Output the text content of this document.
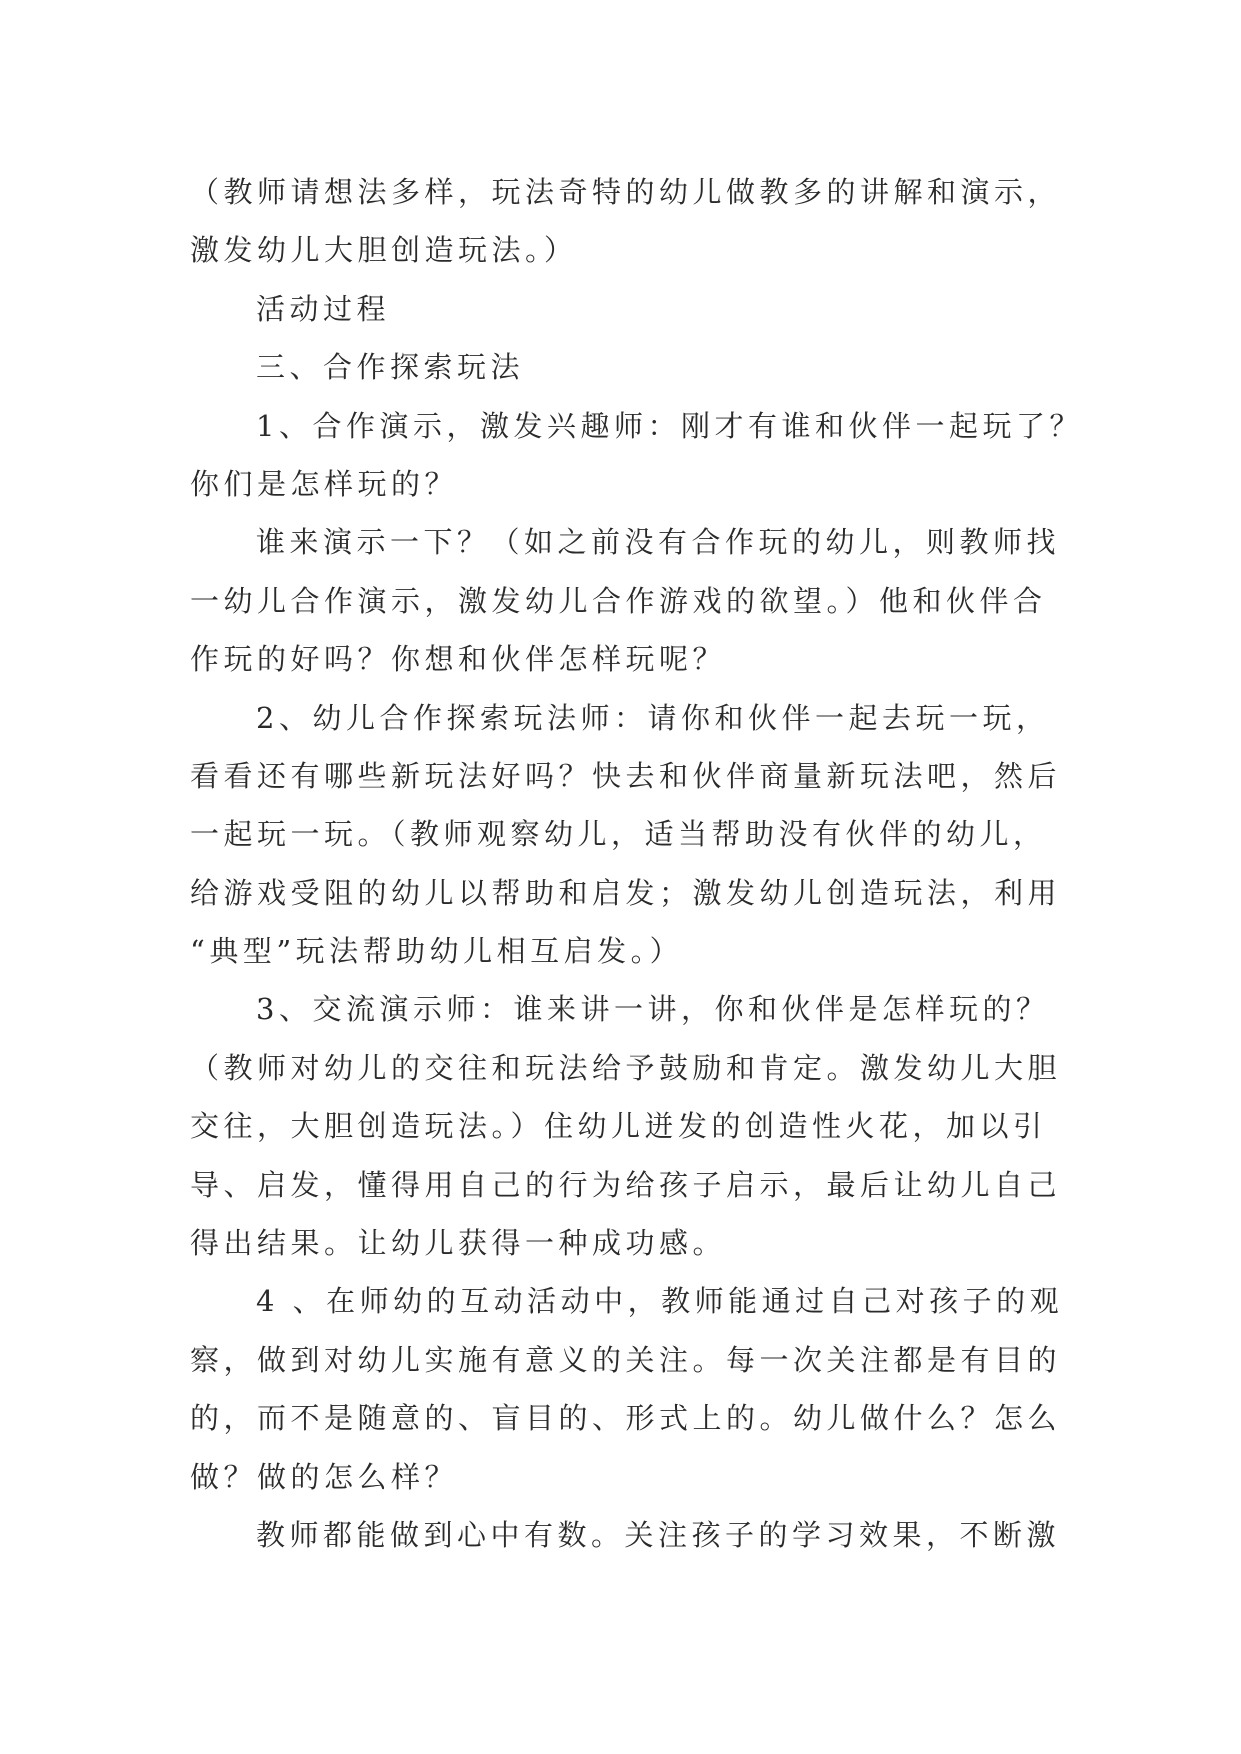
（教师请想法多样，玩法奇特的幼儿做教多的讲解和演示，
激发幼儿大胆创造玩法。）
活动过程
三、合作探索玩法
1、合作演示，激发兴趣师：刚才有谁和伙伴一起玩了？
你们是怎样玩的？
谁来演示一下？（如之前没有合作玩的幼儿，则教师找
一幼儿合作演示，激发幼儿合作游戏的欲望。）他和伙伴合
作玩的好吗？你想和伙伴怎样玩呢？
2、幼儿合作探索玩法师：请你和伙伴一起去玩一玩，
看看还有哪些新玩法好吗？快去和伙伴商量新玩法吧，然后
一起玩一玩。（教师观察幼儿，适当帮助没有伙伴的幼儿，
给游戏受阻的幼儿以帮助和启发；激发幼儿创造玩法，利用
“典型”玩法帮助幼儿相互启发。）
3、交流演示师：谁来讲一讲，你和伙伴是怎样玩的？
（教师对幼儿的交往和玩法给予鼓励和肯定。激发幼儿大胆
交往，大胆创造玩法。）住幼儿迸发的创造性火花，加以引
导、启发，懂得用自己的行为给孩子启示，最后让幼儿自己
得出结果。让幼儿获得一种成功感。
4 、在师幼的互动活动中，教师能通过自己对孩子的观
察，做到对幼儿实施有意义的关注。每一次关注都是有目的
的，而不是随意的、盲目的、形式上的。幼儿做什么？怎么
做？做的怎么样？
教师都能做到心中有数。关注孩子的学习效果，不断激
